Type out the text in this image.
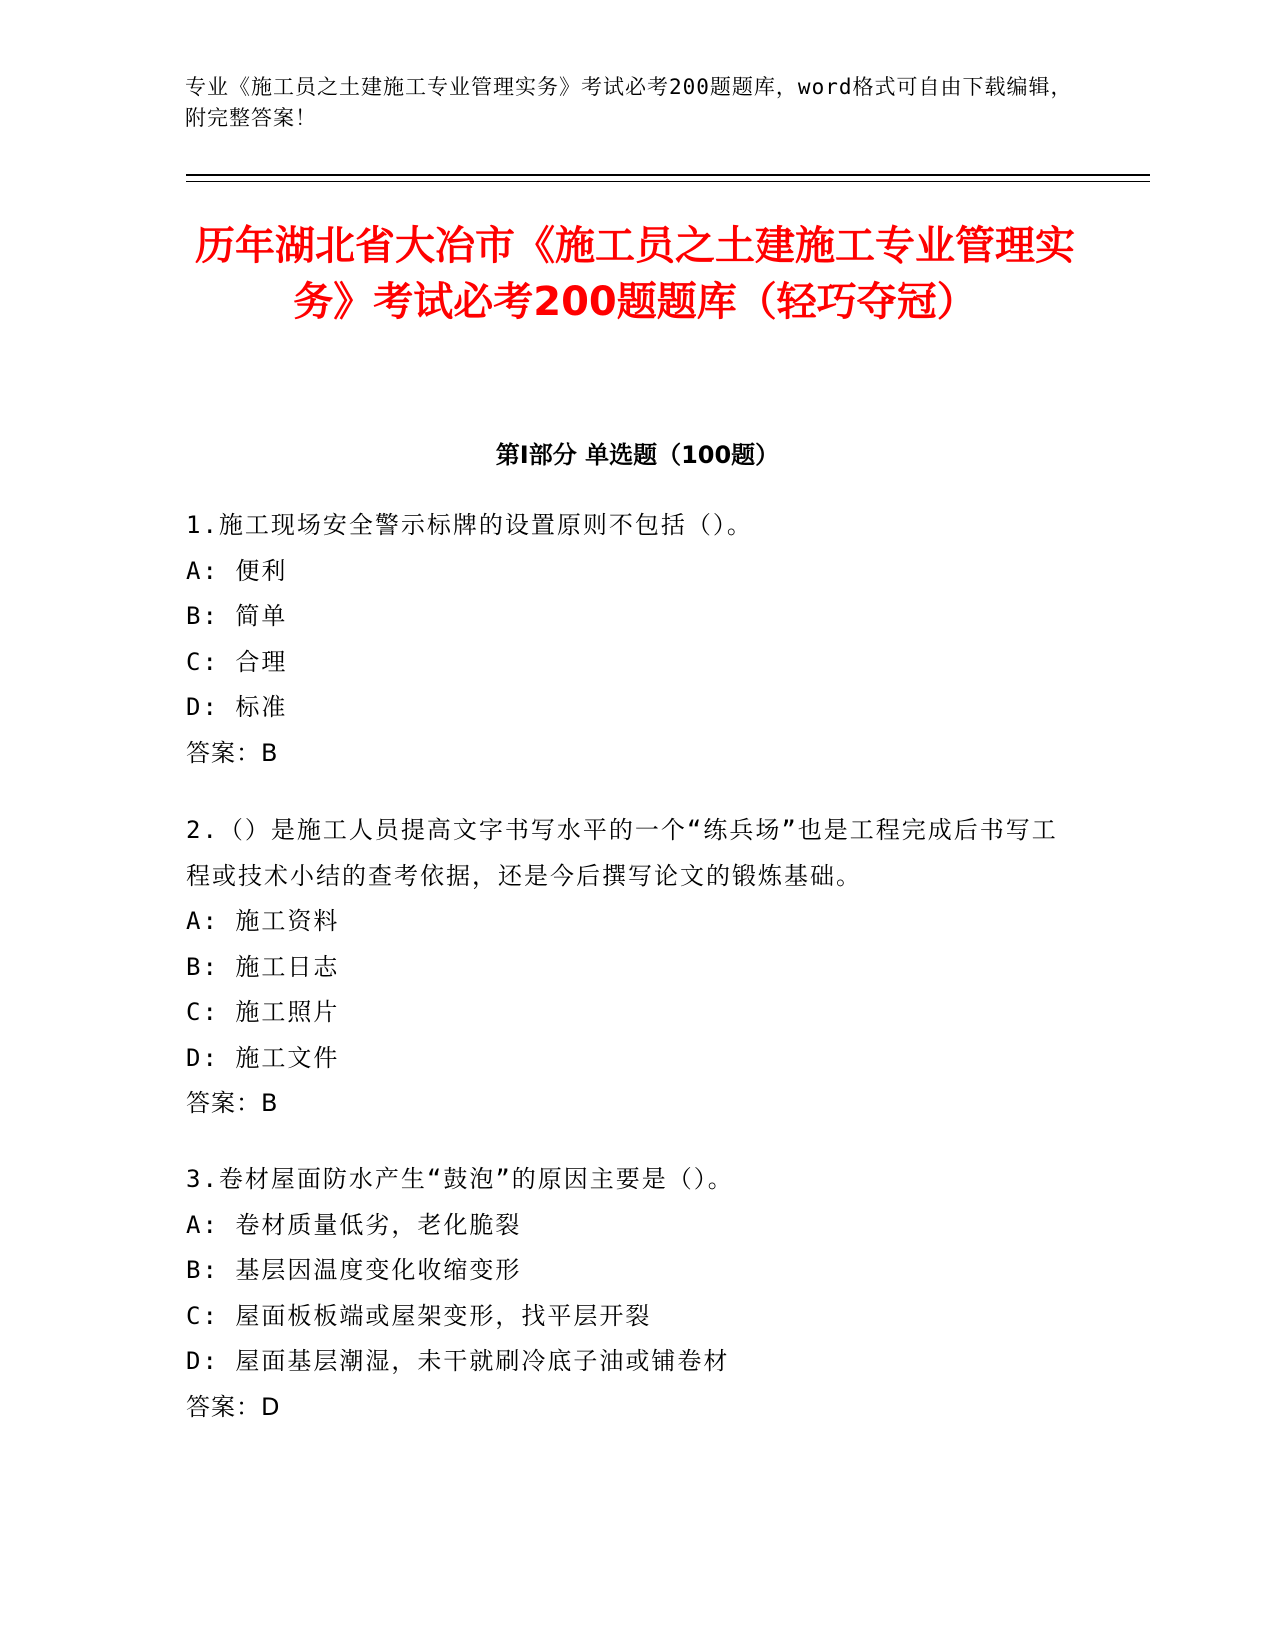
专业《施工员之土建施工专业管理实务》考试必考200题题库，word格式可自由下载编辑，附完整答案！
历年湖北省大冶市《施工员之土建施工专业管理实务》考试必考200题题库（轻巧夺冠）
第I部分 单选题（100题）
1.施工现场安全警示标牌的设置原则不包括（）。
A: 便利
B: 简单
C: 合理
D: 标准
答案：B
2.（）是施工人员提高文字书写水平的一个“练兵场”也是工程完成后书写工程或技术小结的查考依据，还是今后撰写论文的锻炼基础。
A: 施工资料
B: 施工日志
C: 施工照片
D: 施工文件
答案：B
3.卷材屋面防水产生“鼓泡”的原因主要是（）。
A: 卷材质量低劣，老化脆裂
B: 基层因温度变化收缩变形
C: 屋面板板端或屋架变形，找平层开裂
D: 屋面基层潮湿，未干就刷冷底子油或铺卷材
答案：D
